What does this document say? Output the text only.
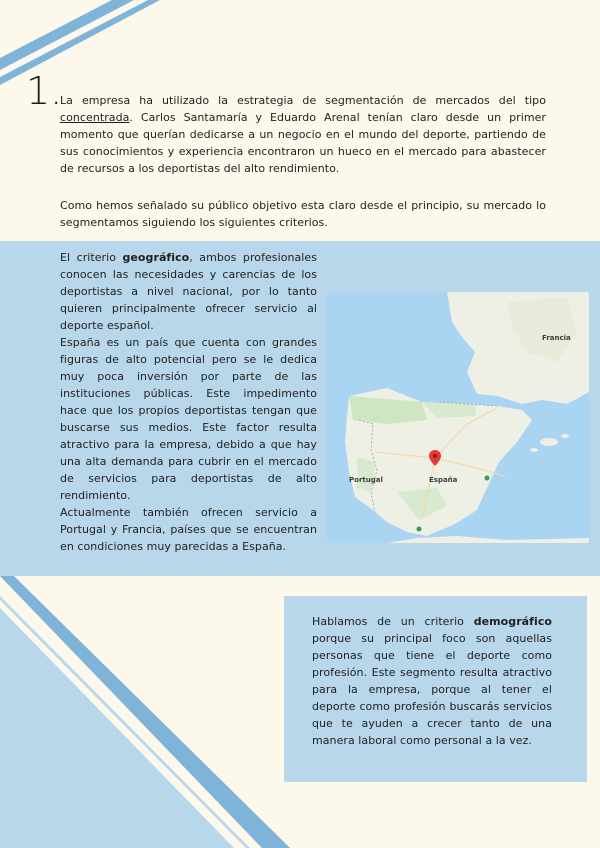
1.

La empresa ha utilizado la estrategia de segmentación de mercados del tipo concentrada. Carlos Santamaría y Eduardo Arenal tenían claro desde un primer momento que querían dedicarse a un negocio en el mundo del deporte, partiendo de sus conocimientos y experiencia encontraron un hueco en el mercado para abastecer de recursos a los deportistas del alto rendimiento.

Como hemos señalado su público objetivo esta claro desde el principio, su mercado lo segmentamos siguiendo los siguientes criterios.

El criterio geográfico, ambos profesionales conocen las necesidades y carencias de los deportistas a nivel nacional, por lo tanto quieren principalmente ofrecer servicio al deporte español.

España es un país que cuenta con grandes figuras de alto potencial pero se le dedica muy poca inversión por parte de las instituciones públicas. Este impedimento hace que los propios deportistas tengan que buscarse sus medios. Este factor resulta atractivo para la empresa, debido a que hay una alta demanda para cubrir en el mercado de servicios para deportistas de alto rendimiento.

Actualmente también ofrecen servicio a Portugal y Francia, países que se encuentran en condiciones muy parecidas a España.

Francia
España
Portugal

Hablamos de un criterio demográfico porque su principal foco son aquellas personas que tiene el deporte como profesión. Este segmento resulta atractivo para la empresa, porque al tener el deporte como profesión buscarás servicios que te ayuden a crecer tanto de una manera laboral como personal a la vez.
